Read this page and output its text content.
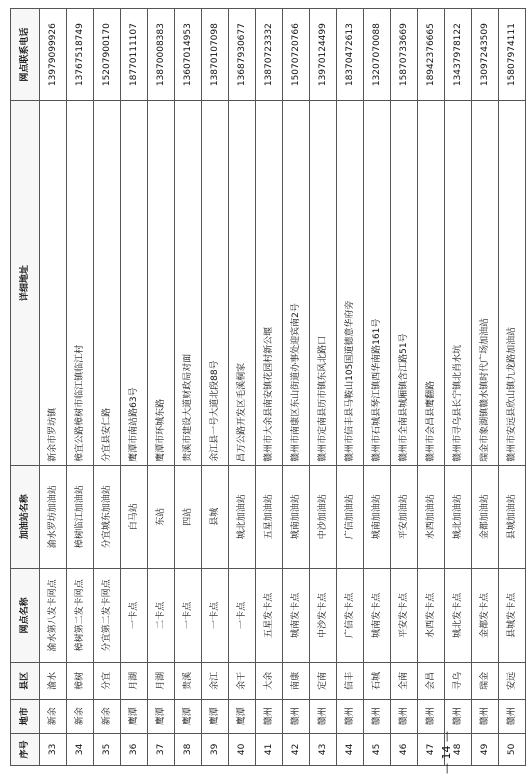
序号	地市	县区	网点名称	加油站名称	详细地址	网点联系电话
33	新余	渝水	渝水第八发卡网点	渝水罗坊加油站	新余市罗坊镇	13979099926
34	新余	樟树	樟树第二发卡网点	樟树临江加油站	樟宜公路樟树市临江镇临江村	13767518749
35	新余	分宜	分宜第二发卡网点	分宜城东加油站	分宜县安仁路	15207900170
36	鹰潭	月湖	一卡点	白马站	鹰潭市南站路63号	18770111107
37	鹰潭	月湖	二卡点	东站	鹰潭市环城东路	13870008383
38	鹰潭	贵溪	一卡点	四站	贵溪市建设大道财政局对面	13607014953
39	鹰潭	余江	一卡点	县城	余江县一号大道北段88号	13870107098
40	鹰潭	余干	一卡点	城北加油站	昌万公路开发区毛溪桐家	13687930677
41	赣州	大余	五星发卡点	五星加油站	赣州市大余县南安镇花园村新公堰	13870723332
42	赣州	南康	城南发卡点	城南加油站	赣州市南康区东山街道办事处迎宾南2号	15070720766
43	赣州	定南	中沙发卡点	中沙加油站	赣州市定南县历市镇东风北路口	13970124499
44	赣州	信丰	广信发卡点	广信加油站	赣州市信丰县马鞍山105国道德意华府旁	18370472613
45	赣州	石城	城南发卡点	城南加油站	赣州市石城县琴江镇西华南路161号	13207070088
46	赣州	全南	平安发卡点	平安加油站	赣州市全南县城厢镇含江路51号	15870733669
47	赣州	会昌	水西发卡点	水西加油站	赣州市会昌县鹰翻路	18942376665
48	赣州	寻乌	城北发卡点	城北加油站	赣州市寻乌县长宁镇北肖水坑	13437978122
49	赣州	瑞金	金都发卡点	金都加油站	瑞金市象湖镇赣水镇时代广场加油站	13097243509
50	赣州	安远	县城发卡点	县城加油站	赣州市安远县欣山镇九龙路加油站	15807974111
— 14 —
